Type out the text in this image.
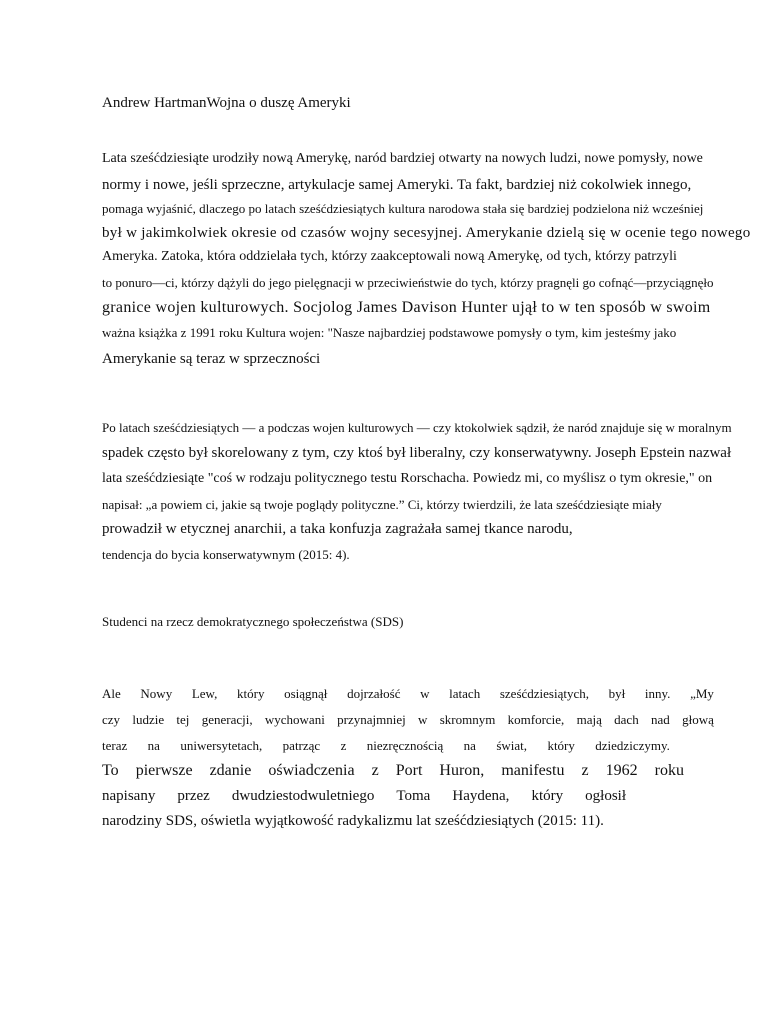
Andrew HartmanWojna o duszę Ameryki
Lata sześćdziesiąte urodziły nową Amerykę, naród bardziej otwarty na nowych ludzi, nowe pomysły, nowe
normy i nowe, jeśli sprzeczne, artykulacje samej Ameryki. Ta fakt, bardziej niż cokolwiek innego,
pomaga wyjaśnić, dlaczego po latach sześćdziesiątych kultura narodowa stała się bardziej podzielona niż wcześniej
był w jakimkolwiek okresie od czasów wojny secesyjnej. Amerykanie dzielą się w ocenie tego nowego
Ameryka. Zatoka, która oddzielała tych, którzy zaakceptowali nową Amerykę, od tych, którzy patrzyli
to ponuro—ci, którzy dążyli do jego pielęgnacji w przeciwieństwie do tych, którzy pragnęli go cofnąć—przyciągnęło
granice wojen kulturowych. Socjolog James Davison Hunter ujął to w ten sposób w swoim
ważna książka z 1991 roku Kultura wojen: "Nasze najbardziej podstawowe pomysły o tym, kim jesteśmy jako
Amerykanie są teraz w sprzeczności
Po latach sześćdziesiątych — a podczas wojen kulturowych — czy ktokolwiek sądził, że naród znajduje się w moralnym
spadek często był skorelowany z tym, czy ktoś był liberalny, czy konserwatywny. Joseph Epstein nazwał
lata sześćdziesiąte "coś w rodzaju politycznego testu Rorschacha. Powiedz mi, co myślisz o tym okresie," on
napisał: „a powiem ci, jakie są twoje poglądy polityczne.” Ci, którzy twierdzili, że lata sześćdziesiąte miały
prowadził w etycznej anarchii, a taka konfuzja zagrażała samej tkance narodu,
tendencja do bycia konserwatywnym (2015: 4).
Studenci na rzecz demokratycznego społeczeństwa (SDS)
Ale Nowy Lew, który osiągnął dojrzałość w latach sześćdziesiątych, był inny. „My
czy ludzie tej generacji, wychowani przynajmniej w skromnym komforcie, mają dach nad głową
teraz na uniwersytetach, patrząc z niezręcznością na świat, który dziedziczymy.
To pierwsze zdanie oświadczenia z Port Huron, manifestu z 1962 roku
napisany przez dwudziestodwuletniego Toma Haydena, który ogłosił
narodziny SDS, oświetla wyjątkowość radykalizmu lat sześćdziesiątych (2015: 11).
